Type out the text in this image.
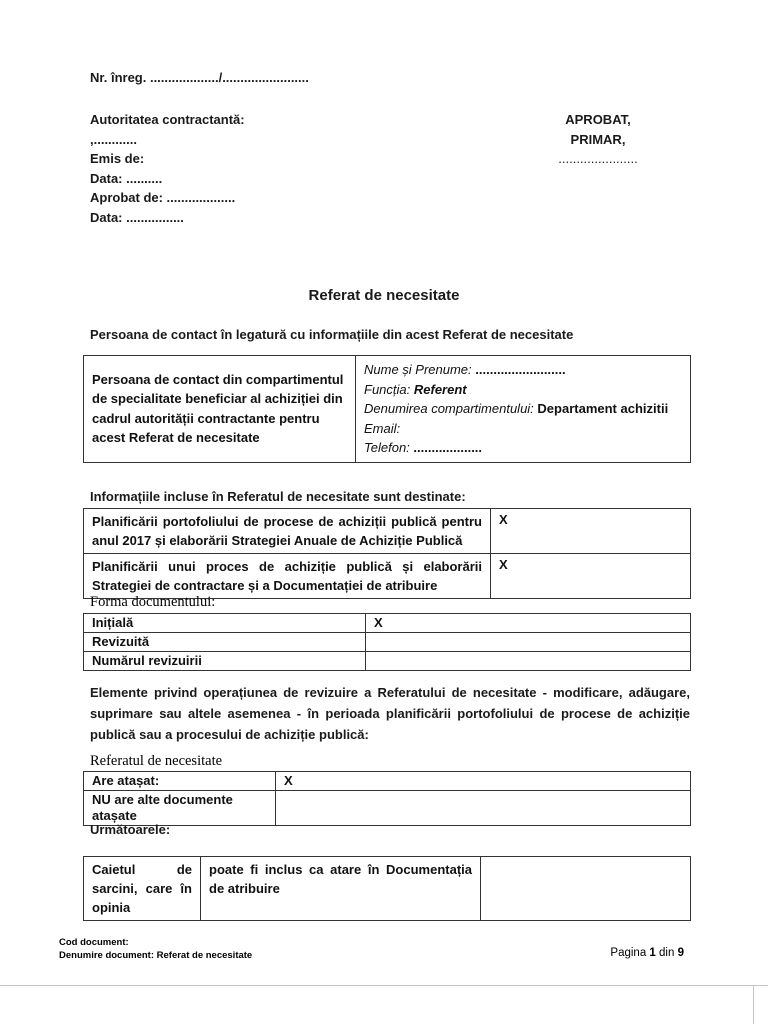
Nr. înreg. .................../........................
Autoritatea contractantă:
,............
Emis de:
Data: ..........
Aprobat de: ...................
Data: ................
APROBAT,
PRIMAR,
......................
Referat de necesitate
Persoana de contact în legatură cu informațiile din acest Referat de necesitate
Persoana de contact din compartimentul de specialitate beneficiar al achiziției din cadrul autorității contractante pentru acest Referat de necesitate	
Nume și Prenume: .........................
Funcția: Referent
Denumirea compartimentului: Departament achizitii
Email:
Telefon: ...................
Informațiile incluse în Referatul de necesitate sunt destinate:
Planificării portofoliului de procese de achiziții publică pentru anul 2017 și elaborării Strategiei Anuale de Achiziție Publică	X
Planificării unui proces de achiziție publică și elaborării Strategiei de contractare și a Documentației de atribuire	X
Forma documentului:
Inițială	X
Revizuită	
Numărul revizuirii	
Elemente privind operațiunea de revizuire a Referatului de necesitate - modificare, adăugare, suprimare sau altele asemenea - în perioada planificării portofoliului de procese de achiziție publică sau a procesului de achiziție publică:
Referatul de necesitate
Are atașat:	X
NU are alte documente atașate	
Următoarele:
Caietul de sarcini, care în opinia	poate fi inclus ca atare în Documentația de atribuire	
Cod document:
Denumire document: Referat de necesitate	Pagina 1 din 9
